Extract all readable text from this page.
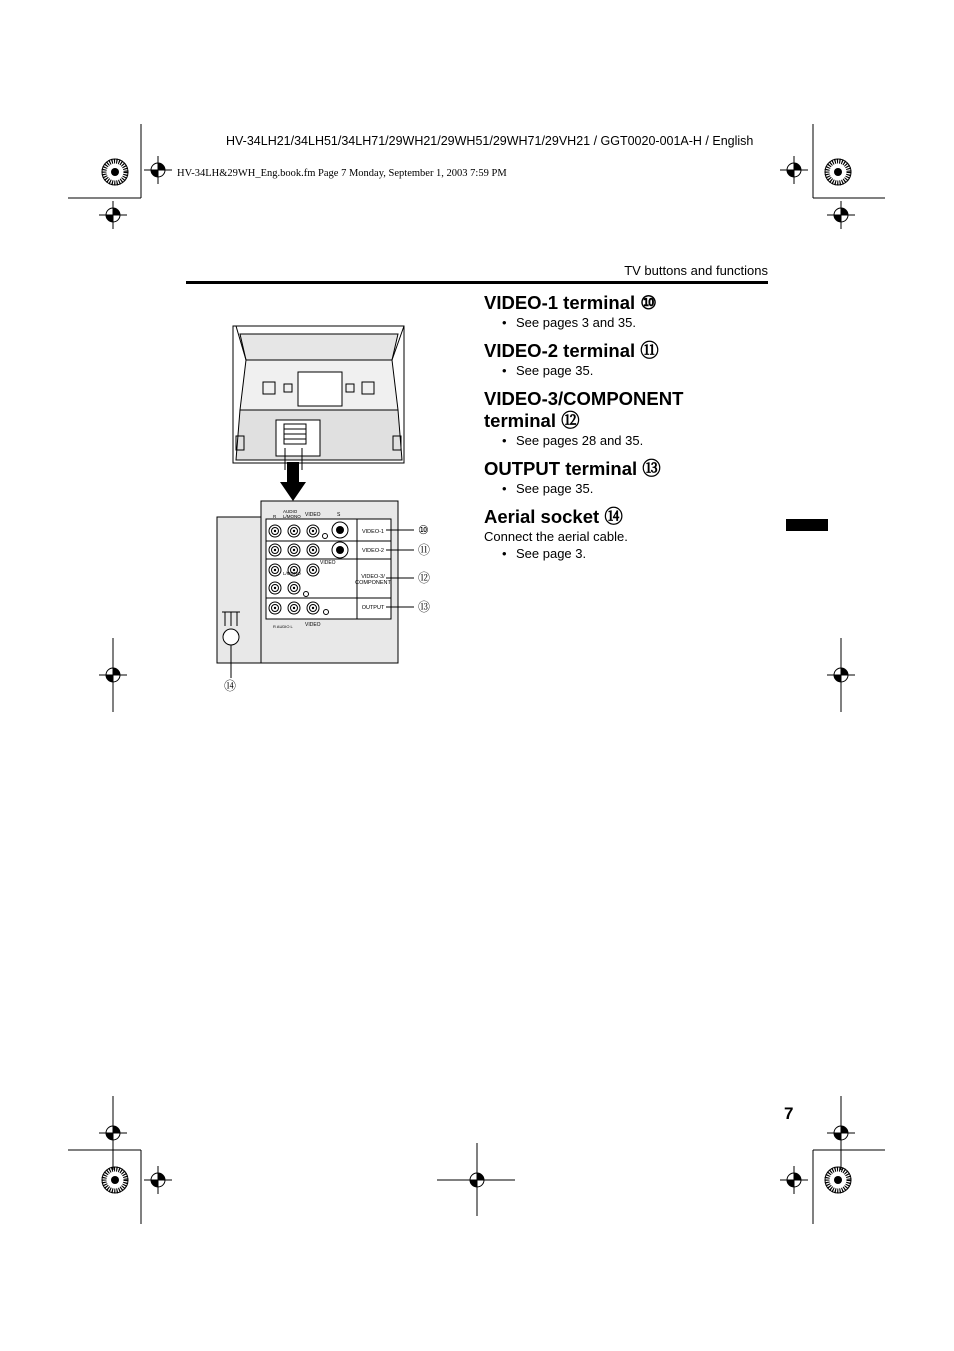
HV-34LH21/34LH51/34LH71/29WH21/29WH51/29WH71/29VH21 / GGT0020-001A-H / English
HV-34LH&29WH_Eng.book.fm Page 7 Monday, September 1, 2003 7:59 PM
TV buttons and functions
AUDIO
L/MONO VIDEO	S
R
L/MONO
VIDEO
R AUDIO L VIDEO
VIDEO-1
VIDEO-2
VIDEO-3/
COMPONENT
OUTPUT
⑩
⑪
⑫
⑬
⑭
VIDEO-1 terminal ⑩
• See pages 3 and 35.
VIDEO-2 terminal ⑪
• See page 35.
VIDEO-3/COMPONENT terminal ⑫
• See pages 28 and 35.
OUTPUT terminal ⑬
• See page 35.
Aerial socket ⑭

Connect the aerial cable.

• See page 3.
7
